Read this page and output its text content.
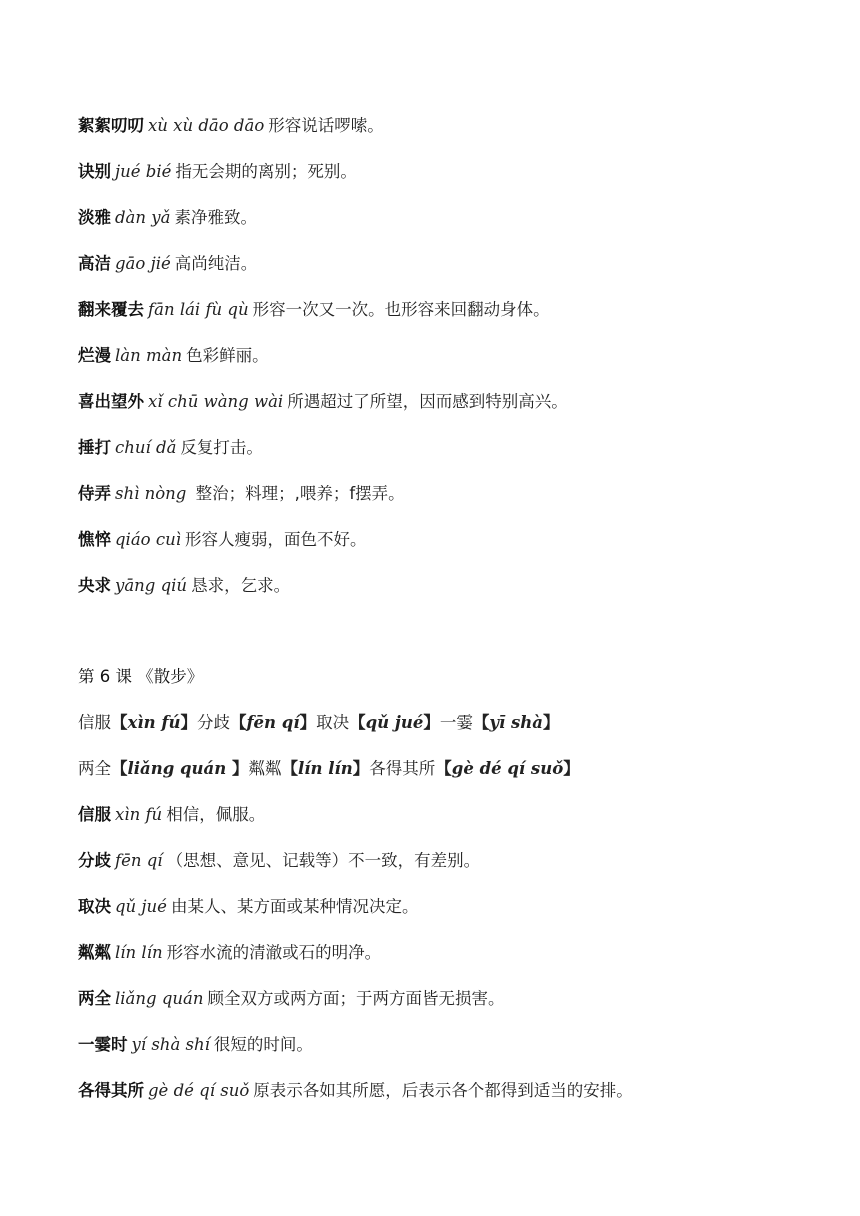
絮絮叨叨 xù xù dāo dāo 形容说话啰嗦。
诀别 jué bié 指无会期的离别；死别。
淡雅 dàn yǎ 素净雅致。
高洁 gāo jié 高尚纯洁。
翻来覆去 fān lái fù qù 形容一次又一次。也形容来回翻动身体。
烂漫 làn màn 色彩鲜丽。
喜出望外 xǐ chū wàng wài 所遇超过了所望，因而感到特别高兴。
捶打 chuí dǎ 反复打击。
侍弄 shì nòng 整治；料理；,喂养；f摆弄。
憔悴 qiáo cuì 形容人瘦弱，面色不好。
央求 yāng qiú 恳求，乞求。
第 6 课 《散步》
信服【xìn fú】分歧【fēn qí】取决【qǔ jué】一霎【yī shà】
两全【liǎng quán 】粼粼【lín lín】各得其所【gè dé qí suǒ】
信服 xìn fú 相信，佩服。
分歧 fēn qí （思想、意见、记载等）不一致，有差别。
取决 qǔ jué 由某人、某方面或某种情况决定。
粼粼 lín lín 形容水流的清澈或石的明净。
两全 liǎng quán 顾全双方或两方面；于两方面皆无损害。
一霎时 yí shà shí 很短的时间。
各得其所 gè dé qí suǒ 原表示各如其所愿，后表示各个都得到适当的安排。
